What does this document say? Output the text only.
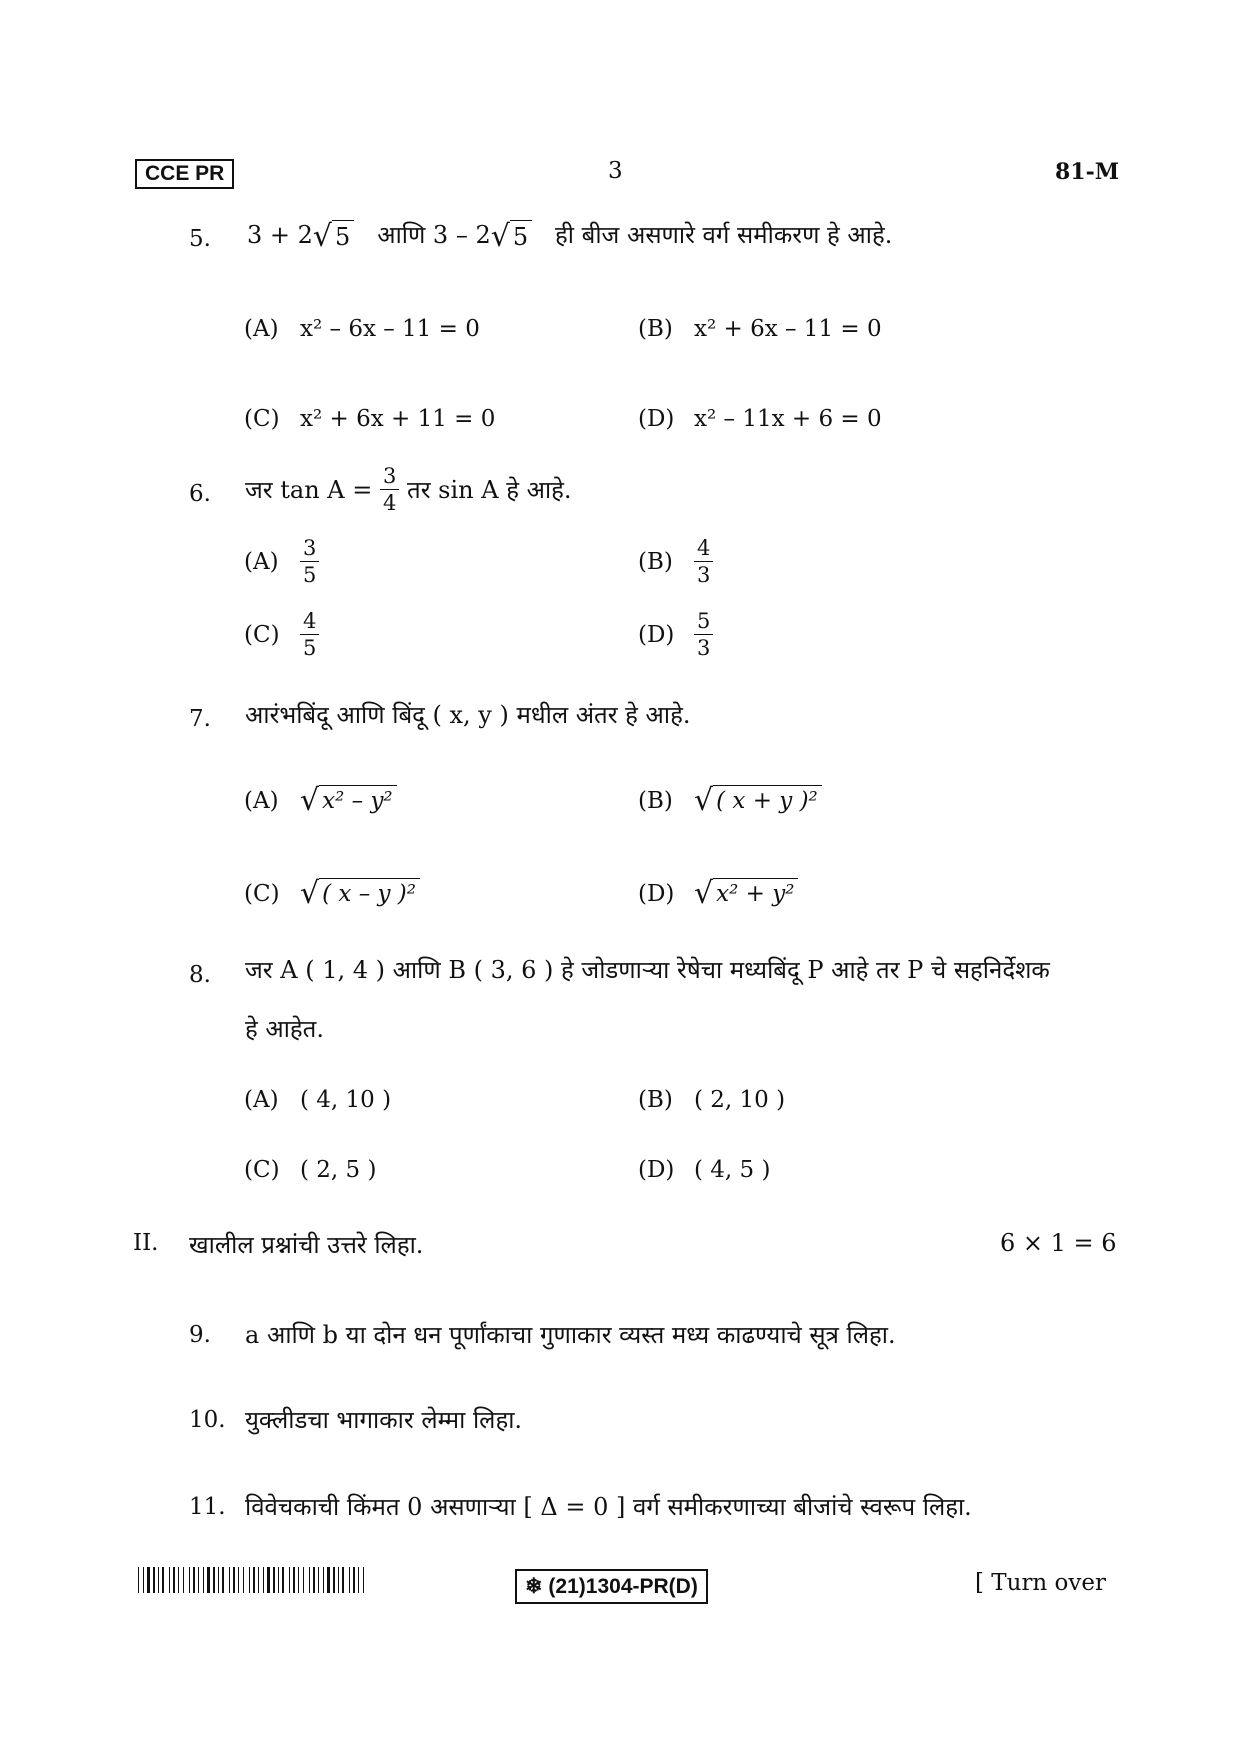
CCE PR	3	81-M
5. 3 + 2√ 5 आणि 3 – 2√ 5 ही बीज असणारे वर्ग समीकरण हे आहे.
(A) x² – 6x – 11 = 0	(B) x² + 6x – 11 = 0
(C) x² + 6x + 11 = 0	(D) x² – 11x + 6 = 0
6. जर $\tan A = \frac{3}{4}$ तर sin A हे आहे.
$(A) \frac{3}{5}$	$(B) \frac{4}{3}$
$(C) \frac{4}{5}$	$(D) \frac{5}{3}$
7. आरंभबिंदू आणि बिंदू ( x, y ) मधील अंतर हे आहे.
(A) √ x² – y²	(B) √ ( x + y )²
(C) √ ( x – y )²	(D) √ x² + y²
8. जर A ( 1, 4 ) आणि B ( 3, 6 ) हे जोडणाऱ्या रेषेचा मध्यबिंदू P आहे तर P चे सहनिर्देशक
हे आहेत.
(A) ( 4, 10 )	(B) ( 2, 10 )
(C) ( 2, 5 )	(D) ( 4, 5 )
II. खालील प्रश्नांची उत्तरे लिहा.	6 × 1 = 6
9. a आणि b या दोन धन पूर्णांकाचा गुणाकार व्यस्त मध्य काढण्याचे सूत्र लिहा.
10. युक्लीडचा भागाकार लेम्मा लिहा.
11. विवेचकाची किंमत 0 असणाऱ्या [ Δ = 0 ] वर्ग समीकरणाच्या बीजांचे स्वरूप लिहा.
❄ (21)1304-PR(D)	[ Turn over
